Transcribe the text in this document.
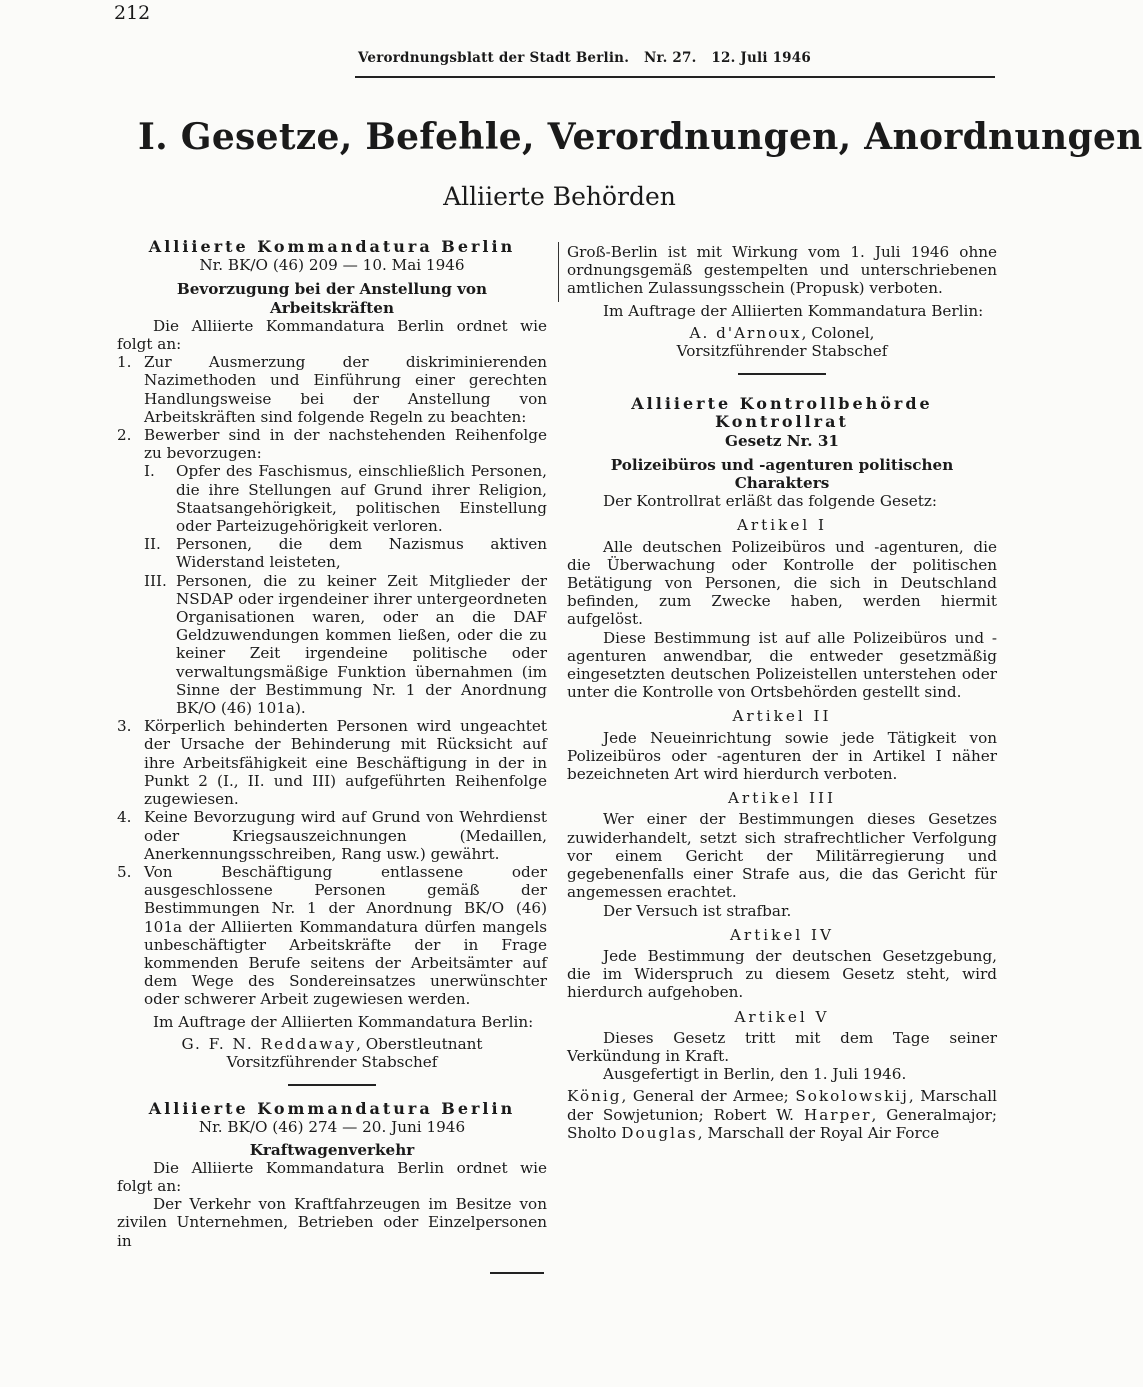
212
Verordnungsblatt der Stadt Berlin. Nr. 27. 12. Juli 1946
I. Gesetze, Befehle, Verordnungen, Anordnungen
Alliierte Behörden
Alliierte Kommandatura Berlin
Nr. BK/O (46) 209 — 10. Mai 1946
Bevorzugung bei der Anstellung von Arbeitskräften

Die Alliierte Kommandatura Berlin ordnet wie folgt an:

1. Zur Ausmerzung der diskriminierenden Nazimethoden und Einführung einer gerechten Handlungsweise bei der Anstellung von Arbeitskräften sind folgende Regeln zu beachten:
2. Bewerber sind in der nachstehenden Reihenfolge zu bevorzugen:
I.	Opfer des Faschismus, einschließlich Personen, die ihre Stellungen auf Grund ihrer Religion, Staatsangehörigkeit, politischen Einstellung oder Parteizugehörigkeit verloren.
II. Personen, die dem Nazismus aktiven Widerstand leisteten,
III. Personen, die zu keiner Zeit Mitglieder der NSDAP oder irgendeiner ihrer untergeordneten Organisationen waren, oder an die DAF Geldzuwendungen kommen ließen, oder die zu keiner Zeit irgendeine politische oder verwaltungsmäßige Funktion übernahmen (im Sinne der Bestimmung Nr. 1 der Anordnung BK/O (46) 101a).
3. Körperlich behinderten Personen wird ungeachtet der Ursache der Behinderung mit Rücksicht auf ihre Arbeitsfähigkeit eine Beschäftigung in der in Punkt 2 (I., II. und III) aufgeführten Reihenfolge zugewiesen.
4. Keine Bevorzugung wird auf Grund von Wehrdienst oder Kriegsauszeichnungen (Medaillen, Anerkennungsschreiben, Rang usw.) gewährt.
5. Von Beschäftigung entlassene oder ausgeschlossene Personen gemäß der Bestimmungen Nr. 1 der Anordnung BK/O (46) 101a der Alliierten Kommandatura dürfen mangels unbeschäftigter Arbeitskräfte der in Frage kommenden Berufe seitens der Arbeitsämter auf dem Wege des Sondereinsatzes unerwünschter oder schwerer Arbeit zugewiesen werden.

Im Auftrage der Alliierten Kommandatura Berlin:

G. F. N. Reddaway, Oberstleutnant
Vorsitzführender Stabschef
Alliierte Kommandatura Berlin
Nr. BK/O (46) 274 — 20. Juni 1946
Kraftwagenverkehr

Die Alliierte Kommandatura Berlin ordnet wie folgt an:

Der Verkehr von Kraftfahrzeugen im Besitze von zivilen Unternehmen, Betrieben oder Einzelpersonen in

Groß-Berlin ist mit Wirkung vom 1. Juli 1946 ohne ordnungsgemäß gestempelten und unterschriebenen amtlichen Zulassungsschein (Propusk) verboten.

Im Auftrage der Alliierten Kommandatura Berlin:

A. d'Arnoux, Colonel,
Vorsitzführender Stabschef
Alliierte Kontrollbehörde
Kontrollrat
Gesetz Nr. 31
Polizeibüros und -agenturen politischen Charakters

Der Kontrollrat erläßt das folgende Gesetz:

Artikel I

Alle deutschen Polizeibüros und -agenturen, die die Überwachung oder Kontrolle der politischen Betätigung von Personen, die sich in Deutschland befinden, zum Zwecke haben, werden hiermit aufgelöst.

Diese Bestimmung ist auf alle Polizeibüros und -agenturen anwendbar, die entweder gesetzmäßig eingesetzten deutschen Polizeistellen unterstehen oder unter die Kontrolle von Ortsbehörden gestellt sind.

Artikel II

Jede Neueinrichtung sowie jede Tätigkeit von Polizeibüros oder -agenturen der in Artikel I näher bezeichneten Art wird hierdurch verboten.

Artikel III

Wer einer der Bestimmungen dieses Gesetzes zuwiderhandelt, setzt sich strafrechtlicher Verfolgung vor einem Gericht der Militärregierung und gegebenenfalls einer Strafe aus, die das Gericht für angemessen erachtet.

Der Versuch ist strafbar.

Artikel IV

Jede Bestimmung der deutschen Gesetzgebung, die im Widerspruch zu diesem Gesetz steht, wird hierdurch aufgehoben.

Artikel V

Dieses Gesetz tritt mit dem Tage seiner Verkündung in Kraft.

Ausgefertigt in Berlin, den 1. Juli 1946.

König, General der Armee; Sokolowskij, Marschall der Sowjetunion; Robert W. Harper, Generalmajor; Sholto Douglas, Marschall der Royal Air Force
